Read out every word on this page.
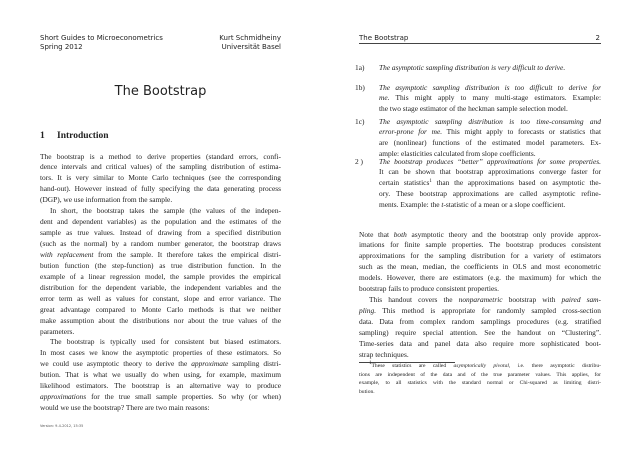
Short Guides to Microeconometrics
Spring 2012
Kurt Schmidheiny
Universität Basel
The Bootstrap
1 Introduction
The bootstrap is a method to derive properties (standard errors, confi-
dence intervals and critical values) of the sampling distribution of estima-
tors. It is very similar to Monte Carlo techniques (see the corresponding
hand-out). However instead of fully specifying the data generating process
(DGP), we use information from the sample.
In short, the bootstrap takes the sample (the values of the indepen-
dent and dependent variables) as the population and the estimates of the
sample as true values. Instead of drawing from a specified distribution
(such as the normal) by a random number generator, the bootstrap draws
with replacement from the sample. It therefore takes the empirical distri-
bution function (the step-function) as true distribution function. In the
example of a linear regression model, the sample provides the empirical
distribution for the dependent variable, the independent variables and the
error term as well as values for constant, slope and error variance. The
great advantage compared to Monte Carlo methods is that we neither
make assumption about the distributions nor about the true values of the
parameters.
The bootstrap is typically used for consistent but biased estimators.
In most cases we know the asymptotic properties of these estimators. So
we could use asymptotic theory to derive the approximate sampling distri-
bution. That is what we usually do when using, for example, maximum
likelihood estimators. The bootstrap is an alternative way to produce
approximations for the true small sample properties. So why (or when)
would we use the bootstrap? There are two main reasons:
Version: 9-4-2012, 15:35
The Bootstrap	2
1a) The asymptotic sampling distribution is very difficult to derive.
1b) The asymptotic sampling distribution is too difficult to derive for
me. This might apply to many multi-stage estimators. Example:
the two stage estimator of the heckman sample selection model.
1c) The asymptotic sampling distribution is too time-consuming and
error-prone for me. This might apply to forecasts or statistics that
are (nonlinear) functions of the estimated model parameters. Ex-
ample: elasticities calculated from slope coefficients.
2 ) The bootstrap produces “better” approximations for some properties.
It can be shown that bootstrap approximations converge faster for
certain statistics$^1$ than the approximations based on asymptotic the-
ory. These bootstrap approximations are called asymptotic refine-
ments. Example: the t-statistic of a mean or a slope coefficient.
Note that both asymptotic theory and the bootstrap only provide approx-
imations for finite sample properties. The bootstrap produces consistent
approximations for the sampling distribution for a variety of estimators
such as the mean, median, the coefficients in OLS and most econometric
models. However, there are estimators (e.g. the maximum) for which the
bootstrap fails to produce consistent properties.
This handout covers the nonparametric bootstrap with paired sam-
pling. This method is appropriate for randomly sampled cross-section
data. Data from complex random samplings procedures (e.g. stratified
sampling) require special attention. See the handout on “Clustering”.
Time-series data and panel data also require more sophisticated boot-
strap techniques.
$^1$These statistics are called asymptotically pivotal, i.e. there asymptotic distribu-
tions are independent of the data and of the true parameter values. This applies, for
example, to all statistics with the standard normal or Chi-squared as limiting distri-
bution.
